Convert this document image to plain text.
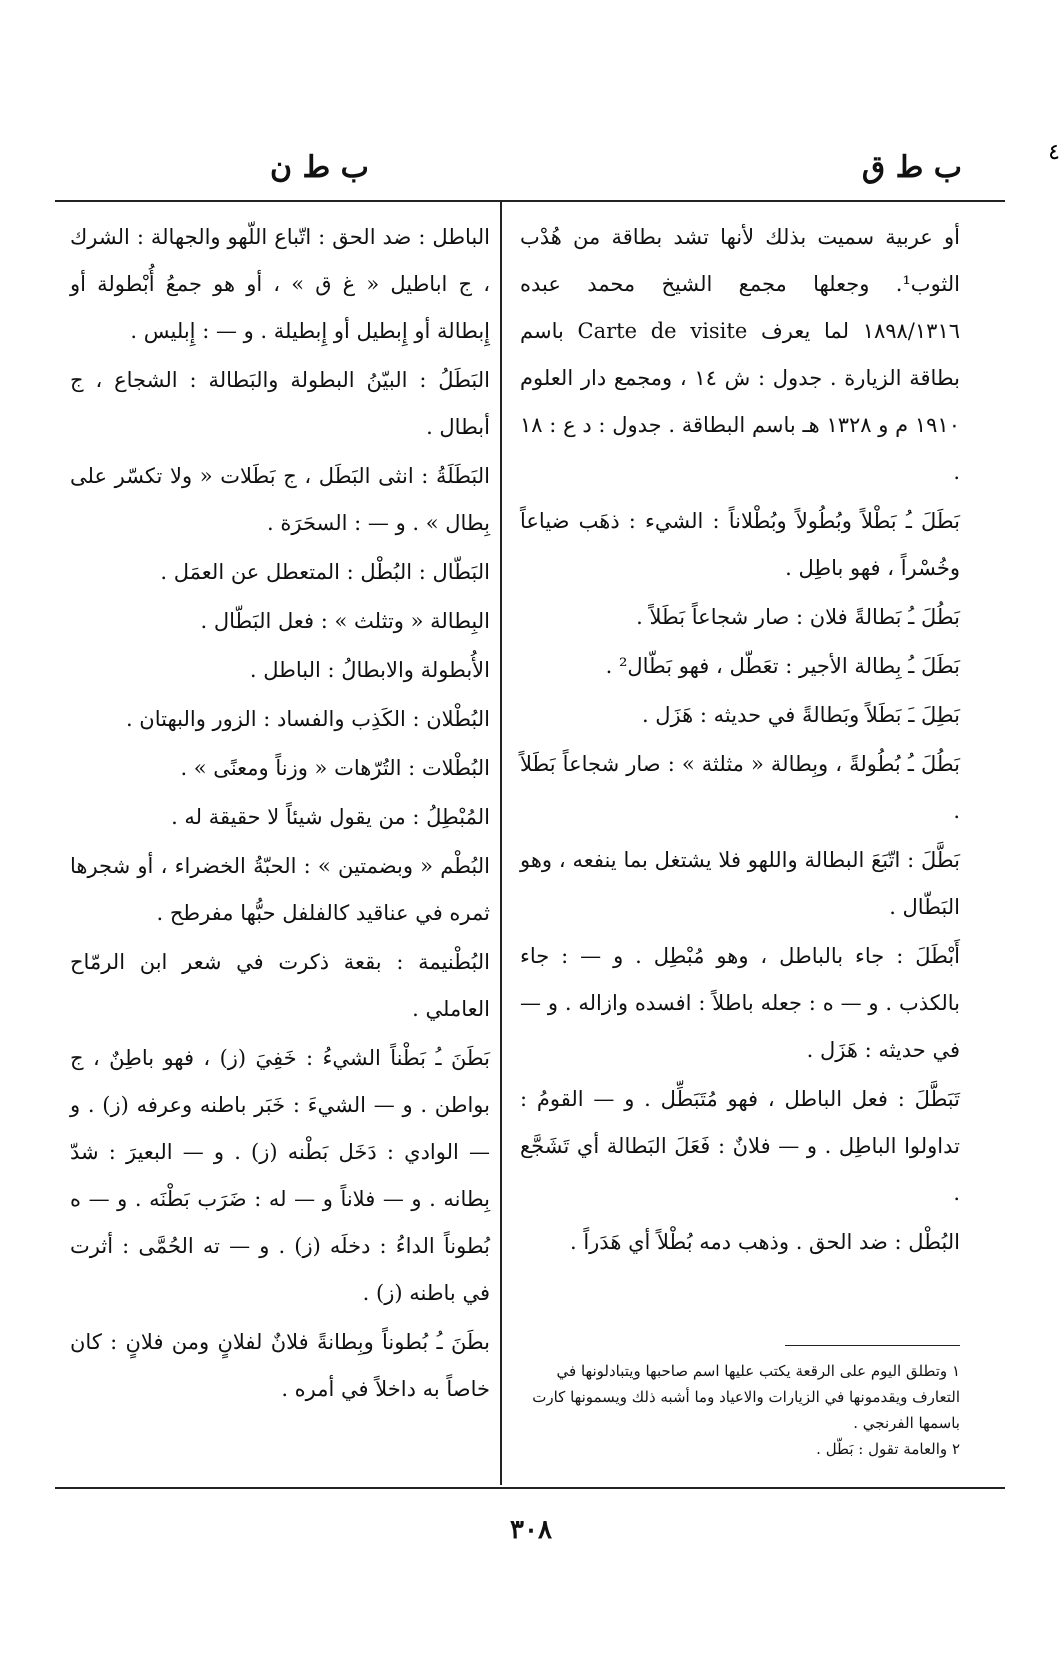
٤
ب ط ق
ب ط ن

أو عربية سميت بذلك لأنها تشد بطاقة من هُدْب الثوب¹. وجعلها مجمع الشيخ محمد عبده ١٨٩٨/١٣١٦ لما يعرف Carte de visite باسم بطاقة الزيارة . جدول : ش ١٤ ، ومجمع دار العلوم ١٩١٠ م و ١٣٢٨ هـ باسم البطاقة . جدول : د ع : ١٨ .

بَطَلَ ـُ بَطْلاً وبُطُولاً وبُطْلاناً : الشيء : ذهَب ضياعاً وخُسْراً ، فهو باطِل .

بَطُلَ ـُ بَطالةً فلان : صار شجاعاً بَطَلاً .

بَطَلَ ـُ بِطالة الأجير : تعَطّل ، فهو بَطّال² .

بَطِلَ ـَ بَطَلاً وبَطالةً في حديثه : هَزَل .

بَطُلَ ـُ بُطُولةً ، وبِطالة « مثلثة » : صار شجاعاً بَطَلاً .

بَطَّلَ : اتّبَعَ البطالة واللهو فلا يشتغل بما ينفعه ، وهو البَطّال .

أَبْطَلَ : جاء بالباطل ، وهو مُبْطِل . و — : جاء بالكذب . و — ه : جعله باطلاً : افسده وازاله . و — في حديثه : هَزَل .

تَبَطَّلَ : فعل الباطل ، فهو مُتَبَطِّل . و — القومُ : تداولوا الباطِل . و — فلانٌ : فَعَلَ البَطالة أي تَشَجَّع .

البُطْل : ضد الحق . وذهب دمه بُطْلاً أي هَدَراً .

الباطل : ضد الحق : اتّباع اللّهو والجهالة : الشرك ، ج اباطيل « غ ق » ، أو هو جمعُ أُبْطولة أو إِبطالة أو إِبطيل أو إِبطيلة . و — : إِبليس .

البَطَلُ : البيّنُ البطولة والبَطالة : الشجاع ، ج أبطال .

البَطَلَةُ : انثى البَطَل ، ج بَطَلات « ولا تكسّر على بِطال » . و — : السحَرَة .

البَطّال : البُطْل : المتعطل عن العمَل .

البِطالة « وتثلث » : فعل البَطّال .

الأُبطولة والابطالُ : الباطل .

البُطْلان : الكَذِب والفساد : الزور والبهتان .

البُطْلات : التُرّهات « وزناً ومعنًى » .

المُبْطِلُ : من يقول شيئاً لا حقيقة له .

البُطْم « وبضمتين » : الحبّةُ الخضراء ، أو شجرها ثمره في عناقيد كالفلفل حبُّها مفرطح .

البُطْنيمة : بقعة ذكرت في شعر ابن الرمّاح العاملي .

بَطَنَ ـُ بَطْناً الشيءُ : خَفِيَ (ز) ، فهو باطِنٌ ، ج بواطن . و — الشيءَ : خَبَر باطنه وعرفه (ز) . و — الوادي : دَخَل بَطْنه (ز) . و — البعيرَ : شدّ بِطانه . و — فلاناً و — له : ضَرَب بَطْنَه . و — ه بُطوناً الداءُ : دخلَه (ز) . و — ته الحُمَّى : أثرت في باطنه (ز) .

بطَنَ ـُ بُطوناً وبِطانةً فلانٌ لفلانٍ ومن فلانٍ : كان خاصاً به داخلاً في أمره .

١ وتطلق اليوم على الرقعة يكتب عليها اسم صاحبها ويتبادلونها في التعارف ويقدمونها في الزيارات والاعياد وما أشبه ذلك ويسمونها كارت باسمها الفرنجي .

٢ والعامة تقول : بَطّل .

٣٠٨
